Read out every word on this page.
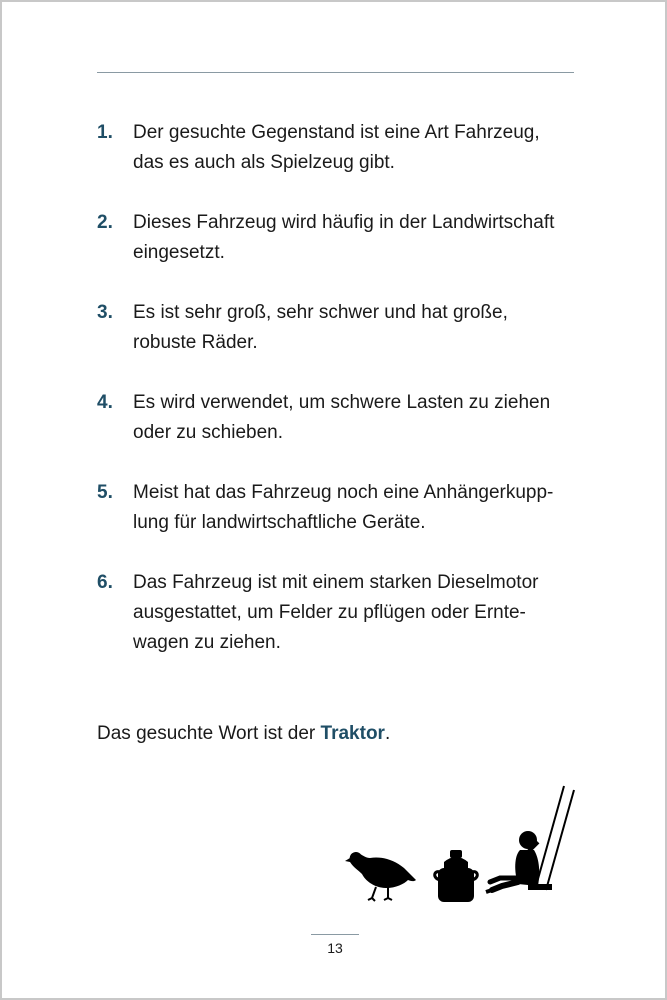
1. Der gesuchte Gegenstand ist eine Art Fahrzeug, das es auch als Spielzeug gibt.
2. Dieses Fahrzeug wird häufig in der Landwirtschaft eingesetzt.
3. Es ist sehr groß, sehr schwer und hat große, robuste Räder.
4. Es wird verwendet, um schwere Lasten zu ziehen oder zu schieben.
5. Meist hat das Fahrzeug noch eine Anhängerkupp-lung für landwirtschaftliche Geräte.
6. Das Fahrzeug ist mit einem starken Dieselmotor ausgestattet, um Felder zu pflügen oder Ernte-wagen zu ziehen.
Das gesuchte Wort ist der Traktor.
13
